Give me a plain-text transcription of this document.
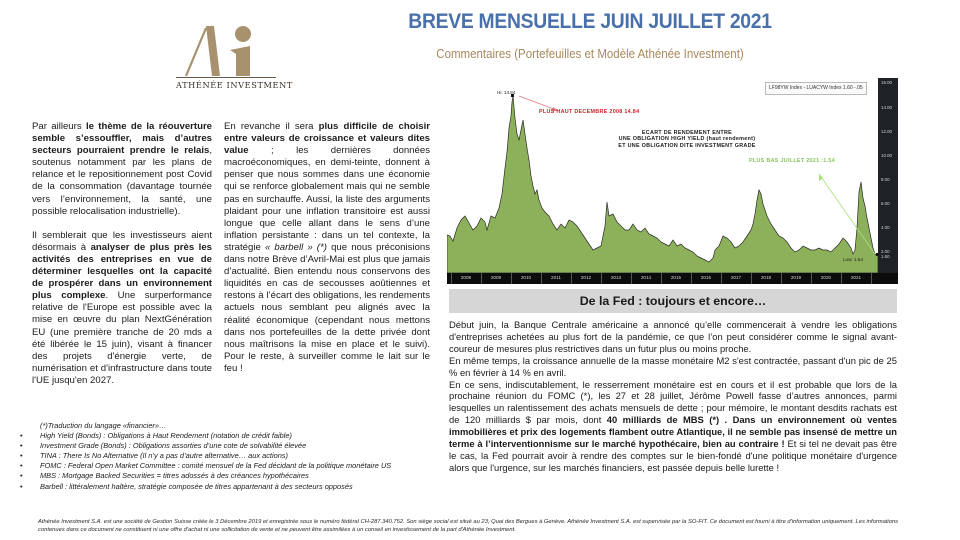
ATHÉNÉE INVESTMENT
BREVE MENSUELLE JUIN JUILLET 2021
Commentaires (Portefeuilles et Modèle Athénée Investment)

Par ailleurs le thème de la réouverture semble s’essouffler, mais d’autres secteurs pourraient prendre le relais, soutenus notamment par les plans de relance et le repositionnement post Covid de la consommation (davantage tournée vers l’environnement, la santé, une possible relocalisation industrielle).

Il semblerait que les investisseurs aient désormais à analyser de plus près les activités des entreprises en vue de déterminer lesquelles ont la capacité de prospérer dans un environnement plus complexe. Une surperformance relative de l'Europe est possible avec la mise en œuvre du plan NextGénération EU (une première tranche de 20 mds a été libérée le 15 juin), visant à financer des projets d'énergie verte, de numérisation et d'infrastructure dans toute l'UE jusqu'en 2027.

En revanche il sera plus difficile de choisir entre valeurs de croissance et valeurs dites value ; les dernières données macroéconomiques, en demi-teinte, donnent à penser que nous sommes dans une économie qui se renforce globalement mais qui ne semble pas en surchauffe. Aussi, la liste des arguments plaidant pour une inflation transitoire est aussi longue que celle allant dans le sens d’une inflation persistante : dans un tel contexte, la stratégie « barbell » (*) que nous préconisions dans notre Brève d’Avril-Mai est plus que jamais d’actualité. Bien entendu nous conservons des liquidités en cas de secousses aoûtiennes et restons à l’écart des obligations, les rendements actuels nous semblant peu alignés avec la réalité économique (cependant nous mettons dans nos portefeuilles de la dette privée dont nous maîtrisons la mise en place et le suivi). Pour le reste, à surveiller comme le lait sur le feu !

(*)Traduction du langage «financier»…
• High Yield (Bonds) : Obligations à Haut Rendement (notation de crédit faible)
• Investment Grade (Bonds) : Obligations assorties d’une cote de solvabilité élevée
• TINA : There Is No Alternative (Il n’y a pas d’autre alternative… aux actions)
• FOMC : Federal Open Market Committee : comité mensuel de la Fed décidant de la politique monétaire US
• MBS : Mortgage Backed Securities = titres adossés à des créances hypothécaires
• Barbell : littéralement haltère, stratégie composée de titres appartenant à des secteurs opposés
LF98YW Index - LUACYW Index 1.60 -.05
Hi: 14.84
Low: 1.54
PLUS HAUT DECEMBRE 2008 14.84
ECART DE RENDEMENT ENTRE
UNE OBLIGATION HIGH YIELD (haut rendement)
ET UNE OBLIGATION DITE INVESTMENT GRADE
PLUS BAS JUILLET 2021 :1.54
16.00
14.00
12.00
10.00
8.00
6.00
4.00
2.00
1.60
2008	2009	2010	2011	2012	2013	2014	2015	2016	2017	2018	2019	2020	2021
De la Fed : toujours et encore…

Début juin, la Banque Centrale américaine a annoncé qu’elle commencerait à vendre les obligations d'entreprises achetées au plus fort de la pandémie, ce que l’on peut considérer comme le signal avant-coureur de mesures plus restrictives dans un futur plus ou moins proche.

En même temps, la croissance annuelle de la masse monétaire M2 s'est contractée, passant d'un pic de 25 % en février à 14 % en avril.

En ce sens, indiscutablement, le resserrement monétaire est en cours et il est probable que lors de la prochaine réunion du FOMC (*), les 27 et 28 juillet, Jérôme Powell fasse d’autres annonces, parmi lesquelles un ralentissement des achats mensuels de dette ; pour mémoire, le montant desdits rachats est de 120 milliards $ par mois, dont 40 milliards de MBS (*) . Dans un environnement où ventes immobilières et prix des logements flambent outre Atlantique, il ne semble pas insensé de mettre un terme à l’interventionnisme sur le marché hypothécaire, bien au contraire ! Et si tel ne devait pas être le cas, la Fed pourrait avoir à rendre des comptes sur le bien-fondé d'une politique monétaire d'urgence alors que l'urgence, sur les marchés financiers, est passée depuis belle lurette !

Athénée Investment S.A. est une société de Gestion Suisse créée le 3 Décembre 2019 et enregistrée sous le numéro fédéral CH-287.340.752. Son siège social est situé au 23, Quai des Bergues à Genève. Athénée Investment S.A. est supervisée par la SO-FIT. Ce document est fourni à titre d'information uniquement. Les informations contenues dans ce document ne constituent ni une offre d'achat ni une sollicitation de vente et ne peuvent être assimilées à un conseil en investissement de la part d'Athénée Investment.
